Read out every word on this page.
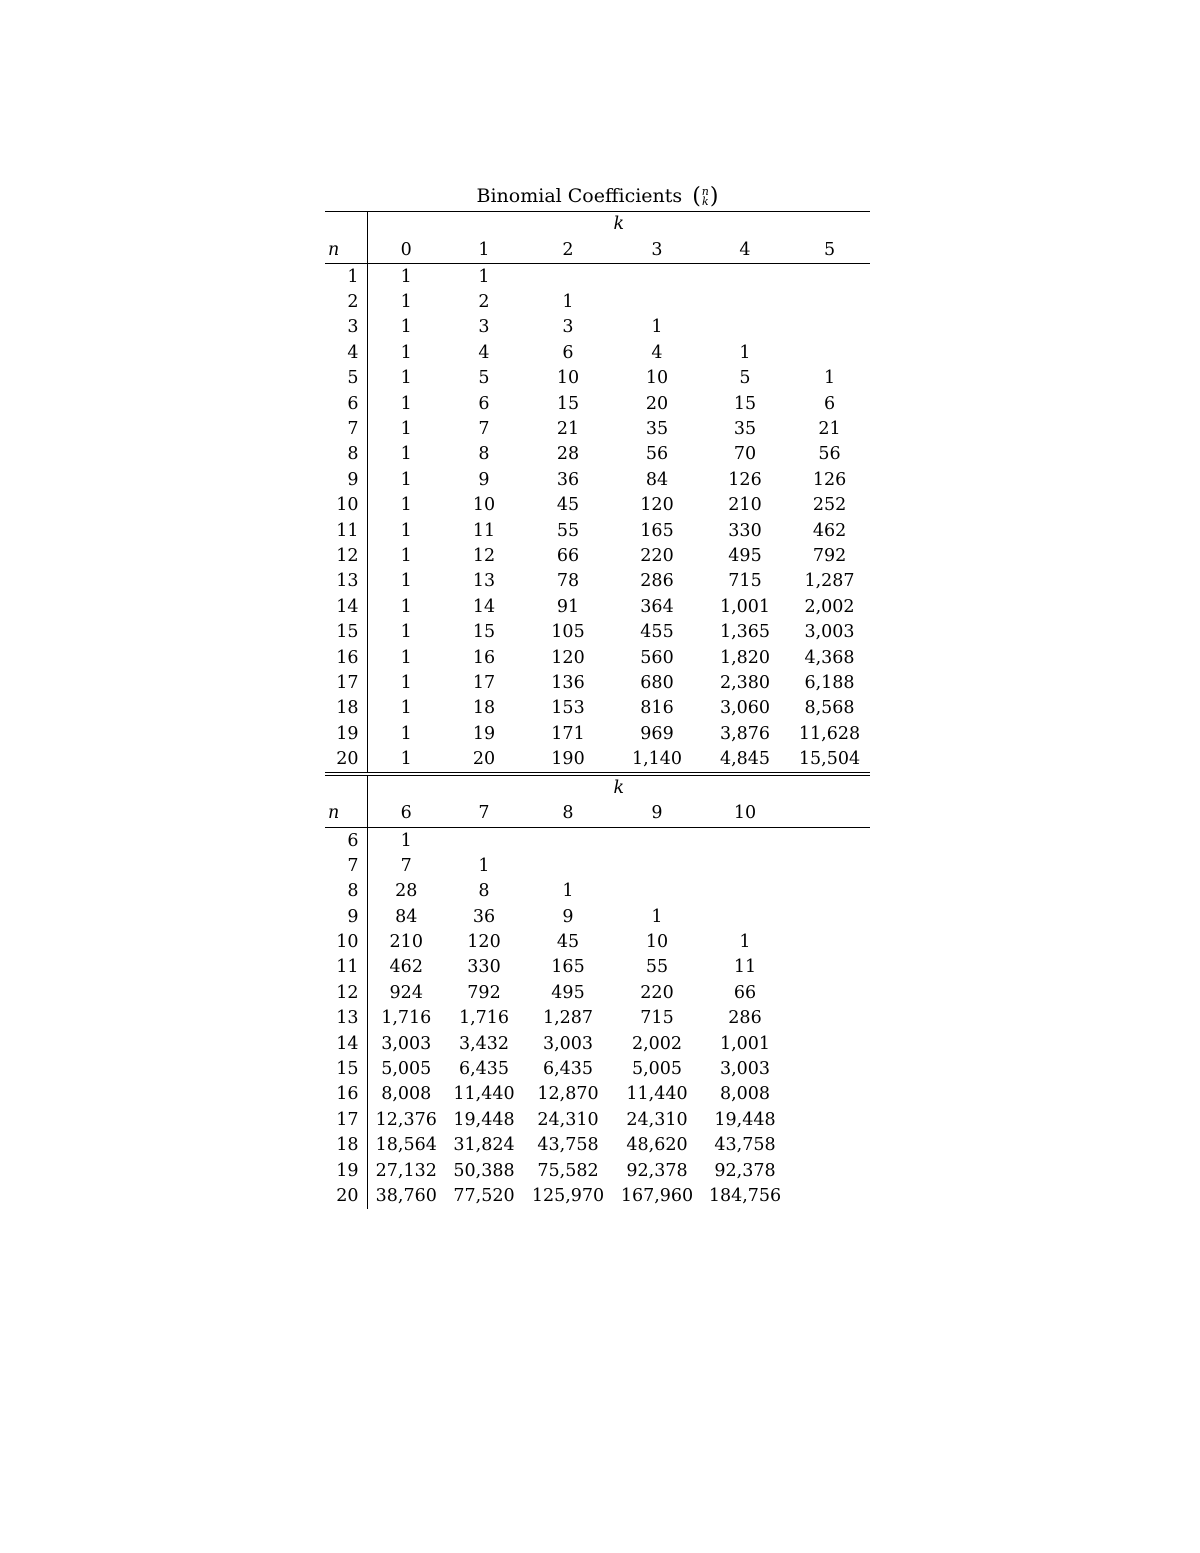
Binomial Coefficients ( n
k )
	k					
n	0	1	2	3	4	5
1	1	1				
2	1	2	1			
3	1	3	3	1		
4	1	4	6	4	1	
5	1	5	10	10	5	1
6	1	6	15	20	15	6
7	1	7	21	35	35	21
8	1	8	28	56	70	56
9	1	9	36	84	126	126
10	1	10	45	120	210	252
11	1	11	55	165	330	462
12	1	12	66	220	495	792
13	1	13	78	286	715	1,287
14	1	14	91	364	1,001	2,002
15	1	15	105	455	1,365	3,003
16	1	16	120	560	1,820	4,368
17	1	17	136	680	2,380	6,188
18	1	18	153	816	3,060	8,568
19	1	19	171	969	3,876	11,628
20	1	20	190	1,140	4,845	15,504
	k					
n	6	7	8	9	10	
6	1					
7	7	1				
8	28	8	1			
9	84	36	9	1		
10	210	120	45	10	1	
11	462	330	165	55	11	
12	924	792	495	220	66	
13	1,716	1,716	1,287	715	286	
14	3,003	3,432	3,003	2,002	1,001	
15	5,005	6,435	6,435	5,005	3,003	
16	8,008	11,440	12,870	11,440	8,008	
17	12,376	19,448	24,310	24,310	19,448	
18	18,564	31,824	43,758	48,620	43,758	
19	27,132	50,388	75,582	92,378	92,378	
20	38,760	77,520	125,970	167,960	184,756	
